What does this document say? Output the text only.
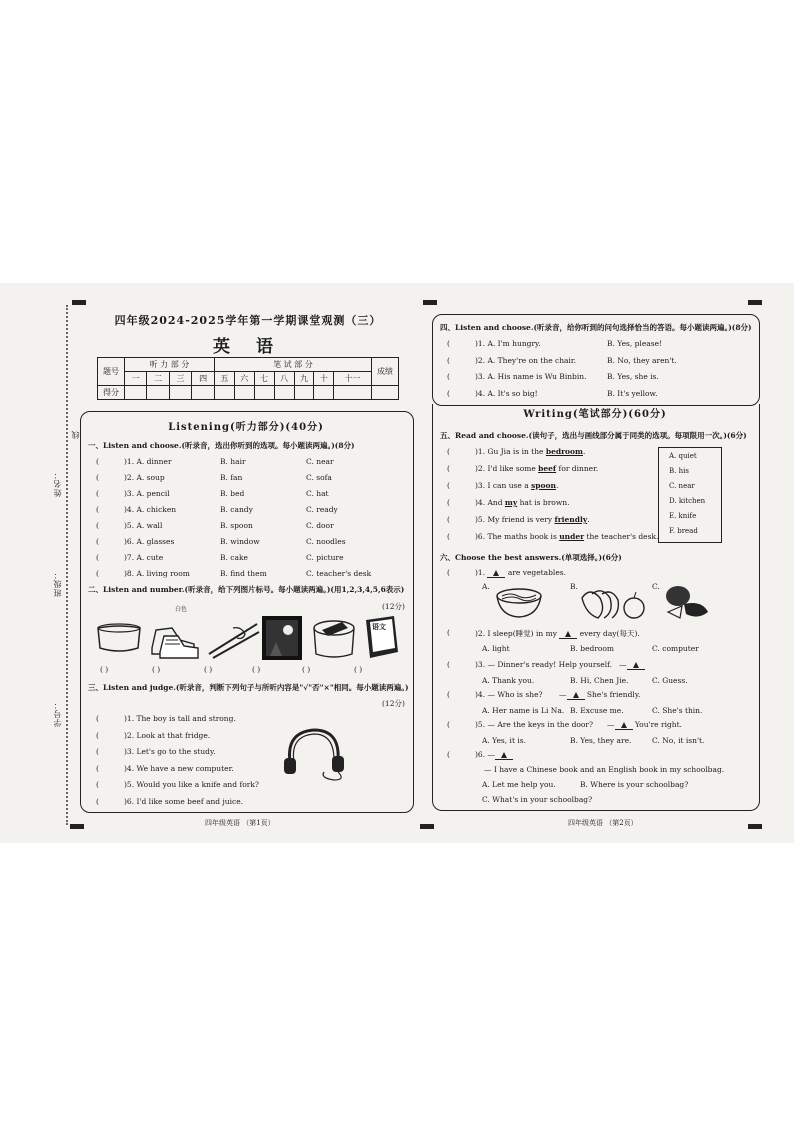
姓名：
班级：
学号：
线
四年级2024-2025学年第一学期课堂观测（三）
英 语
题号	听 力 部 分				笔 试 部 分							成绩
	一	二	三	四	五	六	七	八	九	十	十一	
得分												
Listening(听力部分)(40分)
一、Listen and choose.(听录音，选出你听到的选项。每小题读两遍。)(8分)
(	)1. A. dinner	B. hair	C. near
(	)2. A. soup	B. fan	C. sofa
(	)3. A. pencil	B. bed	C. hat
(	)4. A. chicken	B. candy	C. ready
(	)5. A. wall	B. spoon	C. door
(	)6. A. glasses	B. window	C. noodles
(	)7. A. cute	B. cake	C. picture
(	)8. A. living room	B. find them	C. teacher's desk
二、Listen and number.(听录音，给下列图片标号。每小题读两遍。)(用1,2,3,4,5,6表示)
(12分)
白色
语文
( )	( )	( )	( )	( )	( )
三、Listen and judge.(听录音，判断下列句子与所听内容是"√"否"×"相同。每小题读两遍。)
(12分)
(	)1. The boy is tall and strong.
(	)2. Look at that fridge.
(	)3. Let's go to the study.
(	)4. We have a new computer.
(	)5. Would you like a knife and fork?
(	)6. I'd like some beef and juice.
四年级英语 （第1页）
四、Listen and choose.(听录音，给你听到的问句选择恰当的答语。每小题读两遍。)(8分)
(	)1. A. I'm hungry.	B. Yes, please!
(	)2. A. They're on the chair.	B. No, they aren't.
(	)3. A. His name is Wu Binbin.	B. Yes, she is.
(	)4. A. It's so big!	B. It's yellow.
Writing(笔试部分)(60分)
五、Read and choose.(读句子，选出与画线部分属于同类的选项。每项限用一次。)(6分)
(	)1. Gu Jia is in the bedroom.
(	)2. I'd like some beef for dinner.
(	)3. I can use a spoon.
(	)4. And my hat is brown.
(	)5. My friend is very friendly.
(	)6. The maths book is under the teacher's desk.
A. quiet
B. his
C. near
D. kitchen
E. knife
F. bread
六、Choose the best answers.(单项选择。)(6分)
(	)1.  are vegetables.
A.	B.	C.
(	)2. I sleep(睡觉) in my  every day(每天).
A. light	B. bedroom	C. computer
(	)3. — Dinner's ready! Help yourself. —
A. Thank you.	B. Hi, Chen Jie.	C. Guess.
(	)4. — Who is she? — She's friendly.
A. Her name is Li Na. B. Excuse me.	C. She's thin.
(	)5. — Are the keys in the door? — You're right.
A. Yes, it is.	B. Yes, they are.	C. No, it isn't.
(	)6. —
— I have a Chinese book and an English book in my schoolbag.
A. Let me help you.	B. Where is your schoolbag?
C. What's in your schoolbag?
四年级英语 （第2页）
